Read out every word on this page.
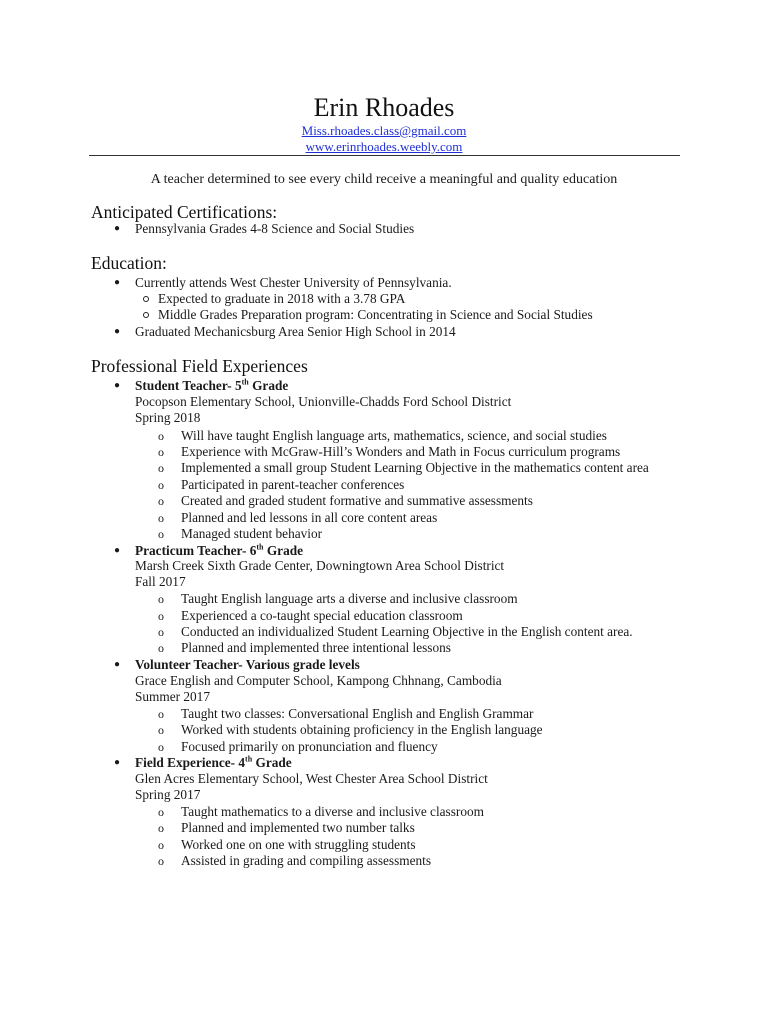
Erin Rhoades
Miss.rhoades.class@gmail.com
www.erinrhoades.weebly.com
A teacher determined to see every child receive a meaningful and quality education
Anticipated Certifications:
● Pennsylvania Grades 4-8 Science and Social Studies
Education:
● Currently attends West Chester University of Pennsylvania.
Expected to graduate in 2018 with a 3.78 GPA
Middle Grades Preparation program: Concentrating in Science and Social Studies
● Graduated Mechanicsburg Area Senior High School in 2014
Professional Field Experiences
● Student Teacher- 5th Grade
Pocopson Elementary School, Unionville-Chadds Ford School District
Spring 2018
o Will have taught English language arts, mathematics, science, and social studies
o Experience with McGraw-Hill’s Wonders and Math in Focus curriculum programs
o Implemented a small group Student Learning Objective in the mathematics content area
o Participated in parent-teacher conferences
o Created and graded student formative and summative assessments
o Planned and led lessons in all core content areas
o Managed student behavior
● Practicum Teacher- 6th Grade
Marsh Creek Sixth Grade Center, Downingtown Area School District
Fall 2017
o Taught English language arts a diverse and inclusive classroom
o Experienced a co-taught special education classroom
o Conducted an individualized Student Learning Objective in the English content area.
o Planned and implemented three intentional lessons
● Volunteer Teacher- Various grade levels
Grace English and Computer School, Kampong Chhnang, Cambodia
Summer 2017
o Taught two classes: Conversational English and English Grammar
o Worked with students obtaining proficiency in the English language
o Focused primarily on pronunciation and fluency
● Field Experience- 4th Grade
Glen Acres Elementary School, West Chester Area School District
Spring 2017
o Taught mathematics to a diverse and inclusive classroom
o Planned and implemented two number talks
o Worked one on one with struggling students
o Assisted in grading and compiling assessments
